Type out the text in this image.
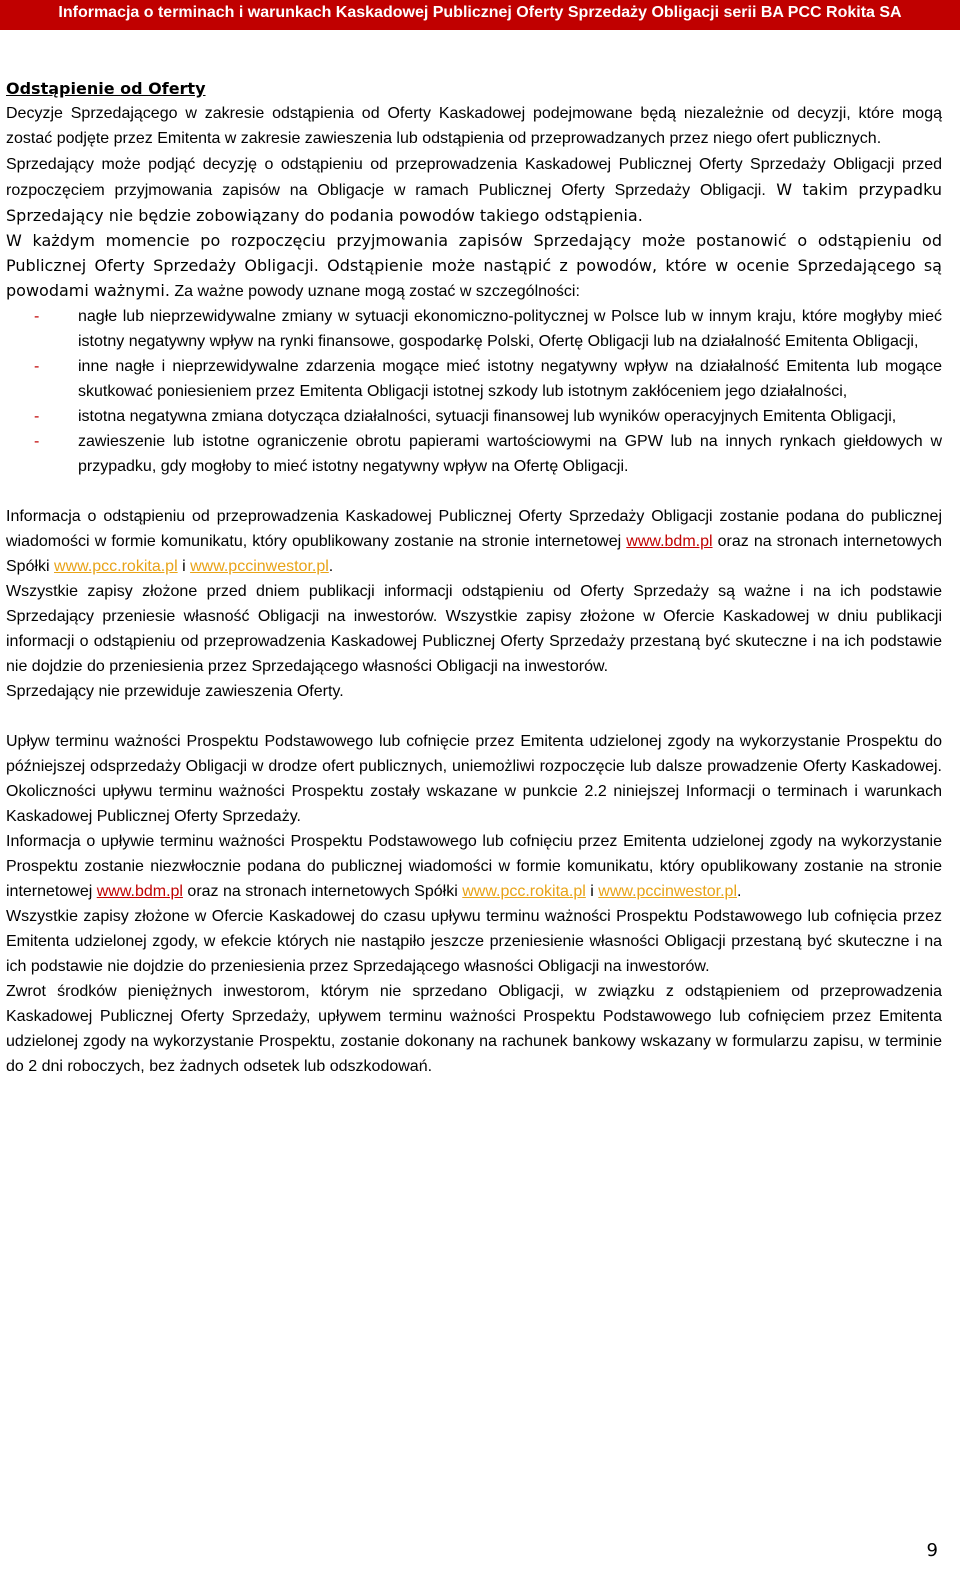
Informacja o terminach i warunkach Kaskadowej Publicznej Oferty Sprzedaży Obligacji serii BA PCC Rokita SA

Odstąpienie od Oferty

Decyzje Sprzedającego w zakresie odstąpienia od Oferty Kaskadowej podejmowane będą niezależnie od decyzji, które mogą zostać podjęte przez Emitenta w zakresie zawieszenia lub odstąpienia od przeprowadzanych przez niego ofert publicznych.

Sprzedający może podjąć decyzję o odstąpieniu od przeprowadzenia Kaskadowej Publicznej Oferty Sprzedaży Obligacji przed rozpoczęciem przyjmowania zapisów na Obligacje w ramach Publicznej Oferty Sprzedaży Obligacji. W takim przypadku Sprzedający nie będzie zobowiązany do podania powodów takiego odstąpienia.

W każdym momencie po rozpoczęciu przyjmowania zapisów Sprzedający może postanowić o odstąpieniu od Publicznej Oferty Sprzedaży Obligacji. Odstąpienie może nastąpić z powodów, które w ocenie Sprzedającego są powodami ważnymi. Za ważne powody uznane mogą zostać w szczególności:

- nagłe lub nieprzewidywalne zmiany w sytuacji ekonomiczno-politycznej w Polsce lub w innym kraju, które mogłyby mieć istotny negatywny wpływ na rynki finansowe, gospodarkę Polski, Ofertę Obligacji lub na działalność Emitenta Obligacji,
- inne nagłe i nieprzewidywalne zdarzenia mogące mieć istotny negatywny wpływ na działalność Emitenta lub mogące skutkować poniesieniem przez Emitenta Obligacji istotnej szkody lub istotnym zakłóceniem jego działalności,
- istotna negatywna zmiana dotycząca działalności, sytuacji finansowej lub wyników operacyjnych Emitenta Obligacji,
- zawieszenie lub istotne ograniczenie obrotu papierami wartościowymi na GPW lub na innych rynkach giełdowych w przypadku, gdy mogłoby to mieć istotny negatywny wpływ na Ofertę Obligacji.

Informacja o odstąpieniu od przeprowadzenia Kaskadowej Publicznej Oferty Sprzedaży Obligacji zostanie podana do publicznej wiadomości w formie komunikatu, który opublikowany zostanie na stronie internetowej www.bdm.pl oraz na stronach internetowych Spółki www.pcc.rokita.pl i www.pccinwestor.pl.

Wszystkie zapisy złożone przed dniem publikacji informacji odstąpieniu od Oferty Sprzedaży są ważne i na ich podstawie Sprzedający przeniesie własność Obligacji na inwestorów. Wszystkie zapisy złożone w Ofercie Kaskadowej w dniu publikacji informacji o odstąpieniu od przeprowadzenia Kaskadowej Publicznej Oferty Sprzedaży przestaną być skuteczne i na ich podstawie nie dojdzie do przeniesienia przez Sprzedającego własności Obligacji na inwestorów.

Sprzedający nie przewiduje zawieszenia Oferty.

Upływ terminu ważności Prospektu Podstawowego lub cofnięcie przez Emitenta udzielonej zgody na wykorzystanie Prospektu do późniejszej odsprzedaży Obligacji w drodze ofert publicznych, uniemożliwi rozpoczęcie lub dalsze prowadzenie Oferty Kaskadowej. Okoliczności upływu terminu ważności Prospektu zostały wskazane w punkcie 2.2 niniejszej Informacji o terminach i warunkach Kaskadowej Publicznej Oferty Sprzedaży.

Informacja o upływie terminu ważności Prospektu Podstawowego lub cofnięciu przez Emitenta udzielonej zgody na wykorzystanie Prospektu zostanie niezwłocznie podana do publicznej wiadomości w formie komunikatu, który opublikowany zostanie na stronie internetowej www.bdm.pl oraz na stronach internetowych Spółki www.pcc.rokita.pl i www.pccinwestor.pl.

Wszystkie zapisy złożone w Ofercie Kaskadowej do czasu upływu terminu ważności Prospektu Podstawowego lub cofnięcia przez Emitenta udzielonej zgody, w efekcie których nie nastąpiło jeszcze przeniesienie własności Obligacji przestaną być skuteczne i na ich podstawie nie dojdzie do przeniesienia przez Sprzedającego własności Obligacji na inwestorów.

Zwrot środków pieniężnych inwestorom, którym nie sprzedano Obligacji, w związku z odstąpieniem od przeprowadzenia Kaskadowej Publicznej Oferty Sprzedaży, upływem terminu ważności Prospektu Podstawowego lub cofnięciem przez Emitenta udzielonej zgody na wykorzystanie Prospektu, zostanie dokonany na rachunek bankowy wskazany w formularzu zapisu, w terminie do 2 dni roboczych, bez żadnych odsetek lub odszkodowań.

9
